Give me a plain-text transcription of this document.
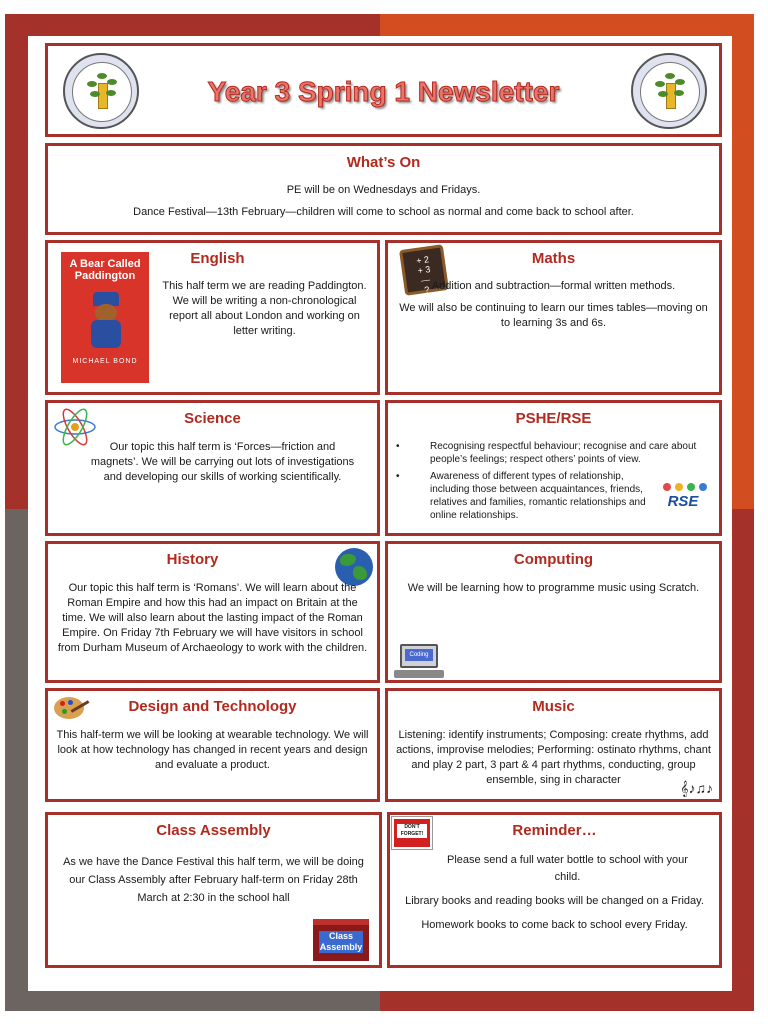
Year 3 Spring 1 Newsletter
What’s On

PE will be on Wednesdays and Fridays.

Dance Festival—13th February—children will come to school as normal and come back to school after.

A Bear Called Paddington
MICHAEL BOND
English
This half term we are reading Paddington. We will be writing a non-chronological report all about London and working on letter writing.
+ 2
+ 3
—
?
Maths

Addition and subtraction—formal written methods.

We will also be continuing to learn our times tables—moving on to learning 3s and 6s.

Science
Our topic this half term is ‘Forces—friction and magnets’. We will be carrying out lots of investigations and developing our skills of working scientifically.
PSHE/RSE
•	Recognising respectful behaviour; recognise and care about people’s feelings; respect others’ points of view.
•	Awareness of different types of relationship, including those between acquaintances, friends, relatives and families, romantic relationships and online relationships.
RSE
History
Our topic this half term is ‘Romans’. We will learn about the Roman Empire and how this had an impact on Britain at the time. We will also learn about the lasting impact of the Roman Empire. On Friday 7th February we will have visitors in school from Durham Museum of Archaeology to work with the children.
Computing
We will be learning how to programme music using Scratch.
Coding
Design and Technology
This half-term we will be looking at wearable technology. We will look at how technology has changed in recent years and design and evaluate a product.
Music
Listening: identify instruments; Composing: create rhythms, add actions, improvise melodies; Performing: ostinato rhythms, chant and play 2 part, 3 part & 4 part rhythms, conducting, group ensemble, sing in character	𝄞♪♫♪
Class Assembly
As we have the Dance Festival this half term, we will be doing our Class Assembly after February half-term on Friday 28th March at 2:30 in the school hall
Class Assembly
DON'T FORGET!	Reminder…

Please send a full water bottle to school with your child.

Library books and reading books will be changed on a Friday.

Homework books to come back to school every Friday.
